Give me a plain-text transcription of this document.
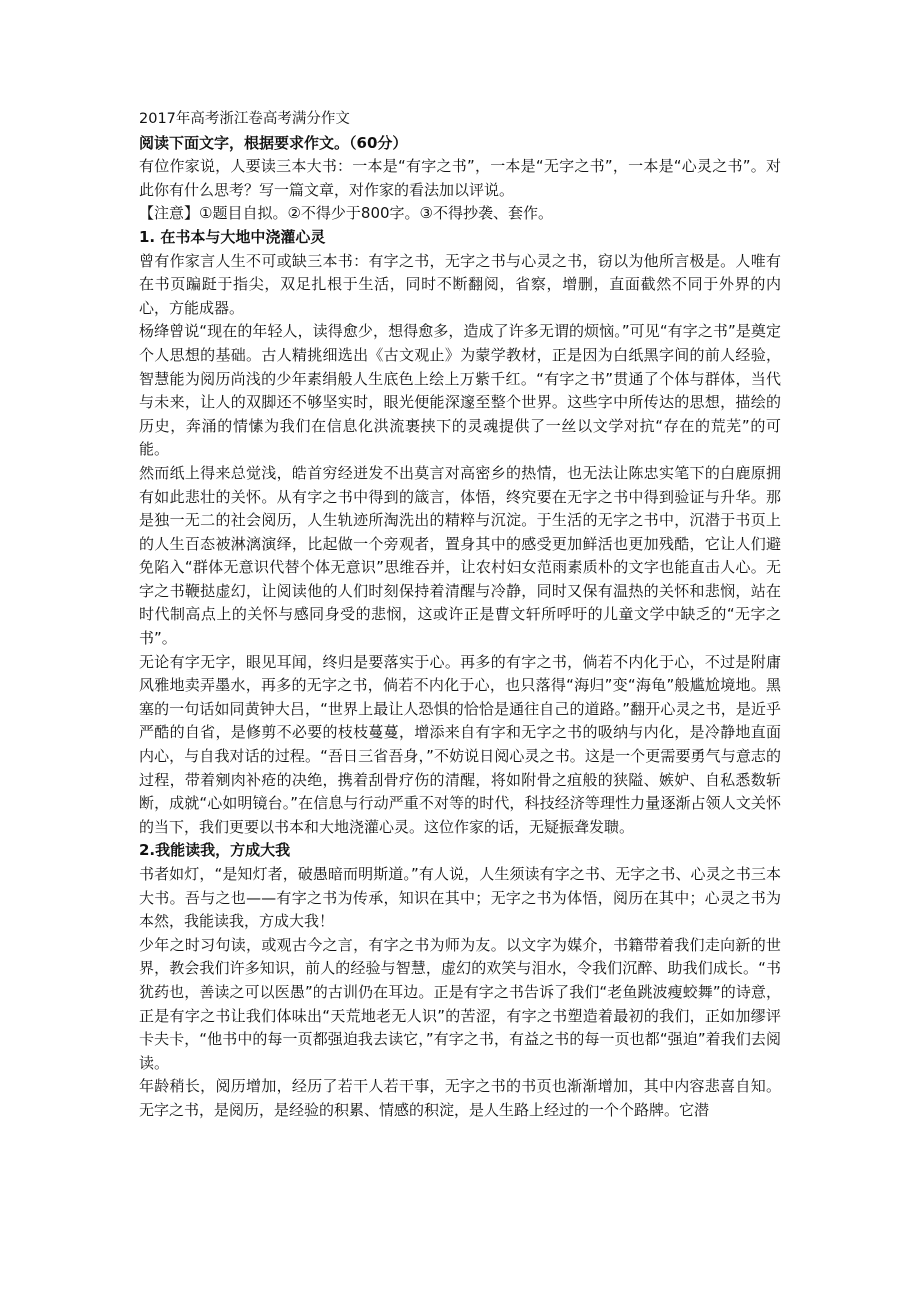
2017年高考浙江卷高考满分作文

阅读下面文字，根据要求作文。（60分）

有位作家说，人要读三本大书：一本是“有字之书”，一本是“无字之书”，一本是“心灵之书”。对此你有什么思考？写一篇文章，对作家的看法加以评说。

【注意】①题目自拟。②不得少于800字。③不得抄袭、套作。

1. 在书本与大地中浇灌心灵

曾有作家言人生不可或缺三本书：有字之书，无字之书与心灵之书，窃以为他所言极是。人唯有在书页蹁跹于指尖，双足扎根于生活，同时不断翻阅，省察，增删，直面截然不同于外界的内心，方能成器。

杨绛曾说“现在的年轻人，读得愈少，想得愈多，造成了许多无谓的烦恼。”可见“有字之书”是奠定个人思想的基础。古人精挑细选出《古文观止》为蒙学教材，正是因为白纸黑字间的前人经验，智慧能为阅历尚浅的少年素绢般人生底色上绘上万紫千红。“有字之书”贯通了个体与群体，当代与未来，让人的双脚还不够坚实时，眼光便能深邃至整个世界。这些字中所传达的思想，描绘的历史，奔涌的情愫为我们在信息化洪流裹挟下的灵魂提供了一丝以文学对抗“存在的荒芜”的可能。

然而纸上得来总觉浅，皓首穷经迸发不出莫言对高密乡的热情，也无法让陈忠实笔下的白鹿原拥有如此悲壮的关怀。从有字之书中得到的箴言，体悟，终究要在无字之书中得到验证与升华。那是独一无二的社会阅历，人生轨迹所淘洗出的精粹与沉淀。于生活的无字之书中，沉潜于书页上的人生百态被淋漓演绎，比起做一个旁观者，置身其中的感受更加鲜活也更加残酷，它让人们避免陷入“群体无意识代替个体无意识”思维吞并，让农村妇女范雨素质朴的文字也能直击人心。无字之书鞭挞虚幻，让阅读他的人们时刻保持着清醒与冷静，同时又保有温热的关怀和悲悯，站在时代制高点上的关怀与感同身受的悲悯，这或许正是曹文轩所呼吁的儿童文学中缺乏的“无字之书”。

无论有字无字，眼见耳闻，终归是要落实于心。再多的有字之书，倘若不内化于心，不过是附庸风雅地卖弄墨水，再多的无字之书，倘若不内化于心，也只落得“海归”变“海龟”般尴尬境地。黑塞的一句话如同黄钟大吕，“世界上最让人恐惧的恰恰是通往自己的道路。”翻开心灵之书，是近乎严酷的自省，是修剪不必要的枝枝蔓蔓，增添来自有字和无字之书的吸纳与内化，是冷静地直面内心，与自我对话的过程。“吾日三省吾身，”不妨说日阅心灵之书。这是一个更需要勇气与意志的过程，带着剜肉补疮的决绝，携着刮骨疗伤的清醒，将如附骨之疽般的狭隘、嫉妒、自私悉数斩断，成就“心如明镜台。”在信息与行动严重不对等的时代，科技经济等理性力量逐渐占领人文关怀的当下，我们更要以书本和大地浇灌心灵。这位作家的话，无疑振聋发聩。

2.我能读我，方成大我

书者如灯，“是知灯者，破愚暗而明斯道。”有人说，人生须读有字之书、无字之书、心灵之书三本大书。吾与之也——有字之书为传承，知识在其中；无字之书为体悟，阅历在其中；心灵之书为本然，我能读我，方成大我！

少年之时习句读，或观古今之言，有字之书为师为友。以文字为媒介，书籍带着我们走向新的世界，教会我们许多知识，前人的经验与智慧，虚幻的欢笑与泪水，令我们沉醉、助我们成长。“书犹药也，善读之可以医愚”的古训仍在耳边。正是有字之书告诉了我们“老鱼跳波瘦蛟舞”的诗意，正是有字之书让我们体味出“天荒地老无人识”的苦涩，有字之书塑造着最初的我们，正如加缪评卡夫卡，“他书中的每一页都强迫我去读它，”有字之书，有益之书的每一页也都“强迫”着我们去阅读。

年龄稍长，阅历增加，经历了若干人若干事，无字之书的书页也渐渐增加，其中内容悲喜自知。无字之书，是阅历，是经验的积累、情感的积淀，是人生路上经过的一个个路牌。它潜
